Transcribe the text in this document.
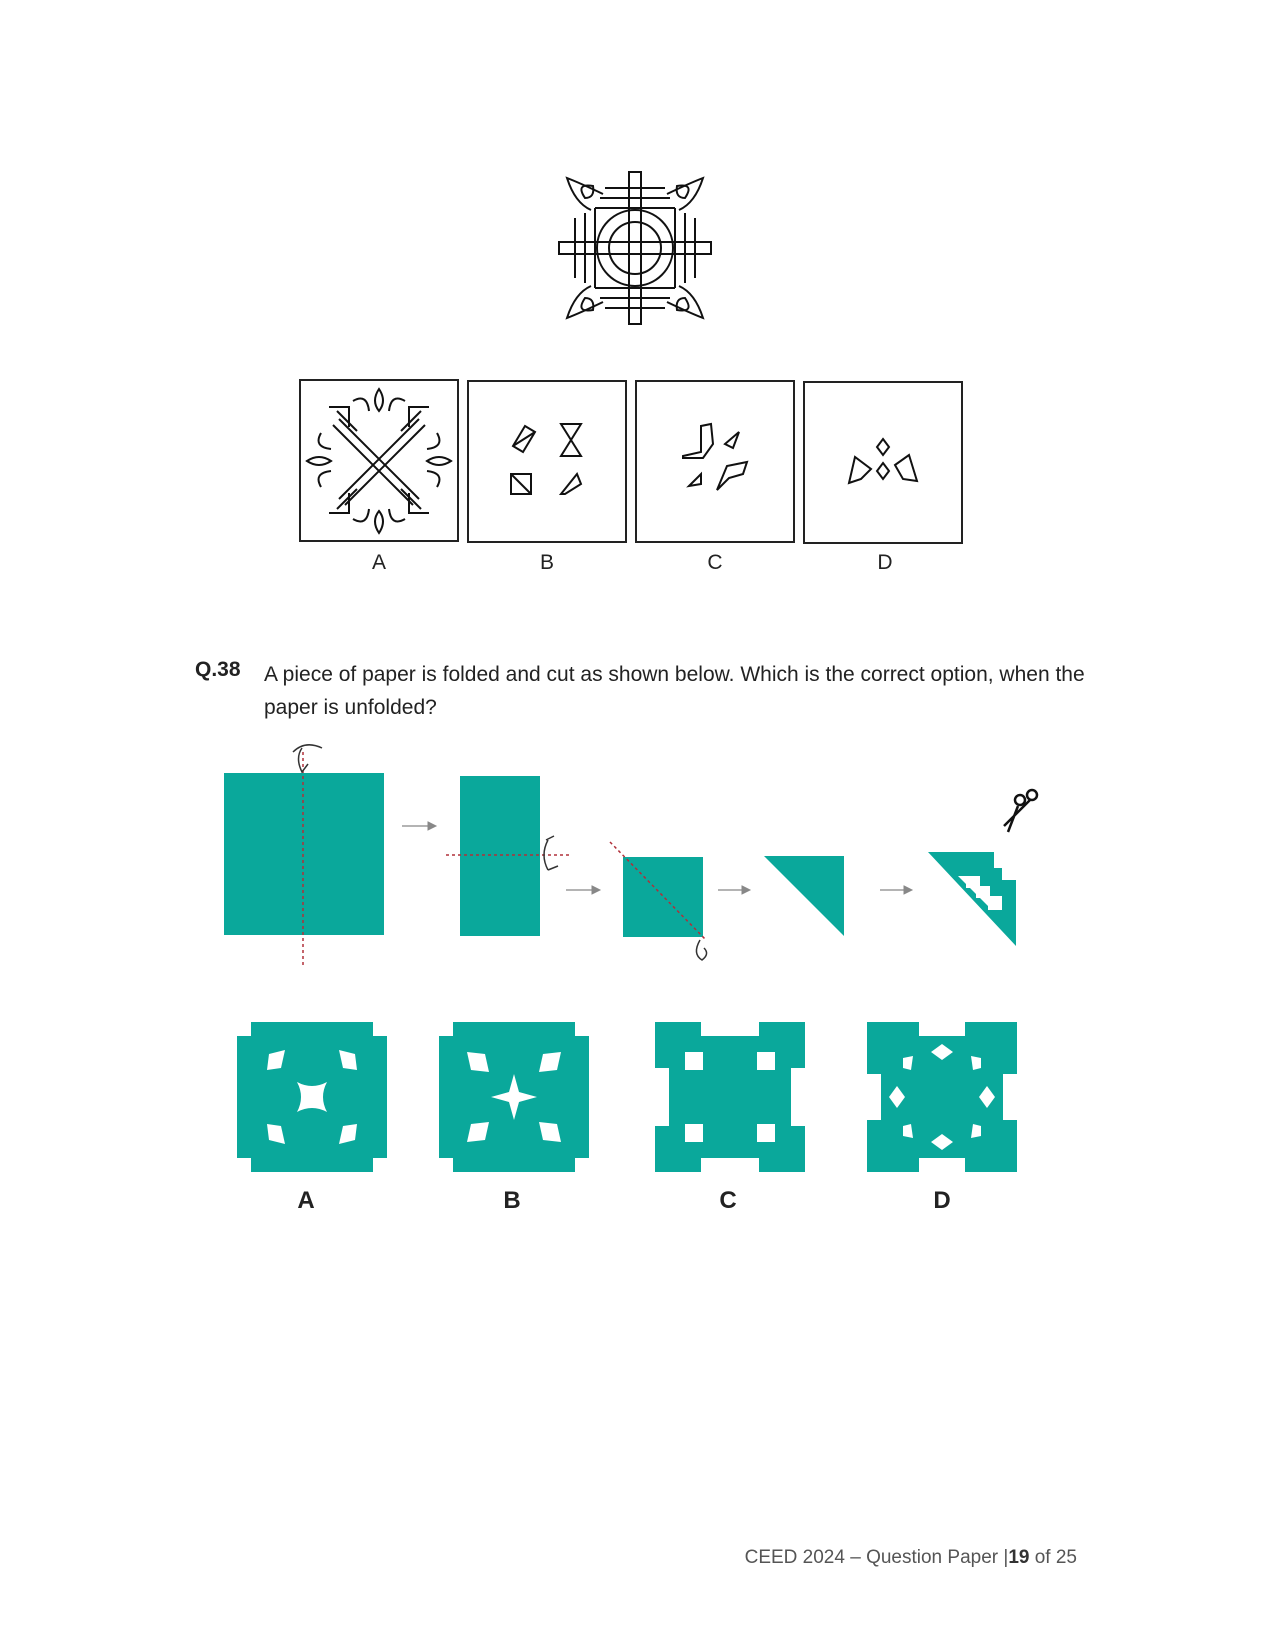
A	B	C	D
Q.38 A piece of paper is folded and cut as shown below. Which is the correct option, when the paper is unfolded?
A	B	C	D
CEED 2024 – Question Paper |19 of 25
